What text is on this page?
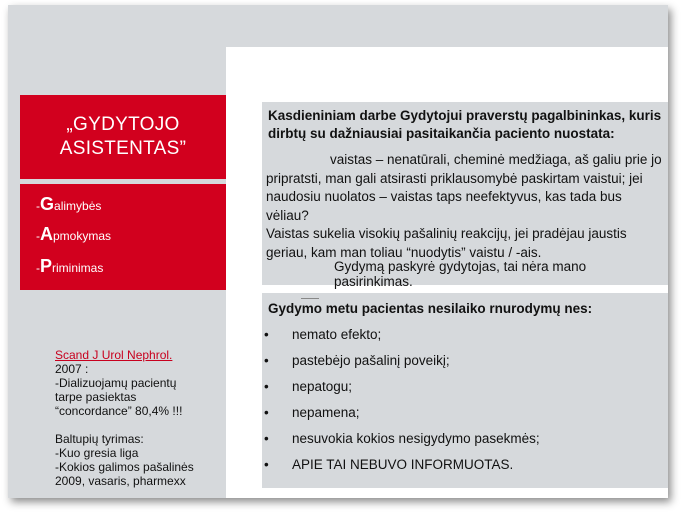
„GYDYTOJO
ASISTENTAS”
-Galimybės
-Apmokymas
-Priminimas
Scand J Urol Nephrol.
2007 :
-Dializuojamų pacientų
tarpe pasiektas
“concordance” 80,4% !!!
Baltupių tyrimas:
-Kuo gresia liga
-Kokios galimos pašalinės
2009, vasaris, pharmexx
Kasdieniniam darbe Gydytojui praverstų pagalbininkas, kuris
dirbtų su dažniausiai pasitaikančia paciento nuostata:
vaistas – nenatūrali, cheminė medžiaga, aš galiu prie jo
pripratsti, man gali atsirasti priklausomybė paskirtam vaistui; jei
naudosiu nuolatos – vaistas taps neefektyvus, kas tada bus vėliau?
Vaistas sukelia visokių pašalinių reakcijų, jei pradėjau jaustis
geriau, kam man toliau “nuodytis” vaistu / -ais.
Gydymą paskyrė gydytojas, tai nėra mano pasirinkimas.
Gydymo metu pacientas nesilaiko rnurodymų nes:
• nemato efekto;
• pastebėjo pašalinį poveikį;
• nepatogu;
• nepamena;
• nesuvokia kokios nesigydymo pasekmės;
• APIE TAI NEBUVO INFORMUOTAS.
